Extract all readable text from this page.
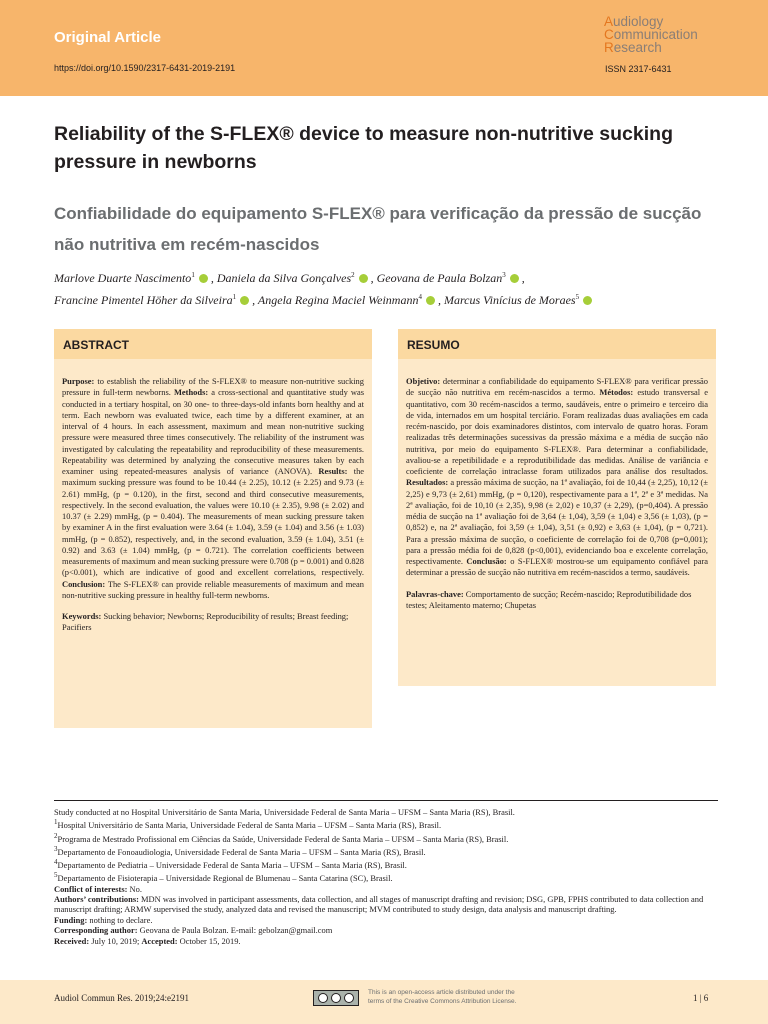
Original Article
https://doi.org/10.1590/2317-6431-2019-2191
Audiology
Communication
Research
ISSN 2317-6431
Reliability of the S-FLEX® device to measure non-nutritive sucking pressure in newborns
Confiabilidade do equipamento S-FLEX® para verificação da pressão de sucção não nutritiva em recém-nascidos
Marlove Duarte Nascimento$^1$ , Daniela da Silva Gonçalves$^2$ , Geovana de Paula Bolzan$^3$ ,
Francine Pimentel Höher da Silveira$^1$ , Angela Regina Maciel Weinmann$^4$ , Marcus Vinícius de Moraes$^5$
ABSTRACT

Purpose: to establish the reliability of the S-FLEX® to measure non-nutritive sucking pressure in full-term newborns. Methods: a cross-sectional and quantitative study was conducted in a tertiary hospital, on 30 one- to three-days-old infants born healthy and at term. Each newborn was evaluated twice, each time by a different examiner, at an interval of 4 hours. In each assessment, maximum and mean non-nutritive sucking pressure were measured three times consecutively. The reliability of the instrument was investigated by calculating the repeatability and reproducibility of these measurements. Repeatability was determined by analyzing the consecutive measures taken by each examiner using repeated-measures analysis of variance (ANOVA). Results: the maximum sucking pressure was found to be 10.44 (± 2.25), 10.12 (± 2.25) and 9.73 (± 2.61) mmHg, (p = 0.120), in the first, second and third consecutive measurements, respectively. In the second evaluation, the values were 10.10 (± 2.35), 9.98 (± 2.02) and 10.37 (± 2.29) mmHg, (p = 0.404). The measurements of mean sucking pressure taken by examiner A in the first evaluation were 3.64 (± 1.04), 3.59 (± 1.04) and 3.56 (± 1.03) mmHg, (p = 0.852), respectively, and, in the second evaluation, 3.59 (± 1.04), 3.51 (± 0.92) and 3.63 (± 1.04) mmHg, (p = 0.721). The correlation coefficients between measurements of maximum and mean sucking pressure were 0.708 (p = 0.001) and 0.828 (p<0.001), which are indicative of good and excellent correlations, respectively. Conclusion: The S-FLEX® can provide reliable measurements of maximum and mean non-nutritive sucking pressure in healthy full-term newborns.

Keywords: Sucking behavior; Newborns; Reproducibility of results; Breast feeding; Pacifiers

RESUMO

Objetivo: determinar a confiabilidade do equipamento S-FLEX® para verificar pressão de sucção não nutritiva em recém-nascidos a termo. Métodos: estudo transversal e quantitativo, com 30 recém-nascidos a termo, saudáveis, entre o primeiro e terceiro dia de vida, internados em um hospital terciário. Foram realizadas duas avaliações em cada recém-nascido, por dois examinadores distintos, com intervalo de quatro horas. Foram realizadas três determinações sucessivas da pressão máxima e a média de sucção não nutritiva, por meio do equipamento S-FLEX®. Para determinar a confiabilidade, avaliou-se a repetibilidade e a reprodutibilidade das medidas. Análise de variância e coeficiente de correlação intraclasse foram utilizados para análise dos resultados. Resultados: a pressão máxima de sucção, na 1ª avaliação, foi de 10,44 (± 2,25), 10,12 (± 2,25) e 9,73 (± 2,61) mmHg, (p = 0,120), respectivamente para a 1ª, 2ª e 3ª medidas. Na 2ª avaliação, foi de 10,10 (± 2,35), 9,98 (± 2,02) e 10,37 (± 2,29), (p=0,404). A pressão média de sucção na 1ª avaliação foi de 3,64 (± 1,04), 3,59 (± 1,04) e 3,56 (± 1,03), (p = 0,852) e, na 2ª avaliação, foi 3,59 (± 1,04), 3,51 (± 0,92) e 3,63 (± 1,04), (p = 0,721). Para a pressão máxima de sucção, o coeficiente de correlação foi de 0,708 (p=0,001); para a pressão média foi de 0,828 (p<0,001), evidenciando boa e excelente correlação, respectivamente. Conclusão: o S-FLEX® mostrou-se um equipamento confiável para determinar a pressão de sucção não nutritiva em recém-nascidos a termo, saudáveis.

Palavras-chave: Comportamento de sucção; Recém-nascido; Reprodutibilidade dos testes; Aleitamento materno; Chupetas

Study conducted at no Hospital Universitário de Santa Maria, Universidade Federal de Santa Maria – UFSM – Santa Maria (RS), Brasil.
$^1$Hospital Universitário de Santa Maria, Universidade Federal de Santa Maria – UFSM – Santa Maria (RS), Brasil.
$^2$Programa de Mestrado Profissional em Ciências da Saúde, Universidade Federal de Santa Maria – UFSM – Santa Maria (RS), Brasil.
$^3$Departamento de Fonoaudiologia, Universidade Federal de Santa Maria – UFSM – Santa Maria (RS), Brasil.
$^4$Departamento de Pediatria – Universidade Federal de Santa Maria – UFSM – Santa Maria (RS), Brasil.
$^5$Departamento de Fisioterapia – Universidade Regional de Blumenau – Santa Catarina (SC), Brasil.
Conflict of interests: No.
Authors’ contributions: MDN was involved in participant assessments, data collection, and all stages of manuscript drafting and revision; DSG, GPB, FPHS contributed to data collection and manuscript drafting; ARMW supervised the study, analyzed data and revised the manuscript; MVM contributed to study design, data analysis and manuscript drafting.
Funding: nothing to declare.
Corresponding author: Geovana de Paula Bolzan. E-mail: gebolzan@gmail.com
Received: July 10, 2019; Accepted: October 15, 2019.
Audiol Commun Res. 2019;24:e2191
This is an open-access article distributed under the
terms of the Creative Commons Attribution License.	1 | 6
